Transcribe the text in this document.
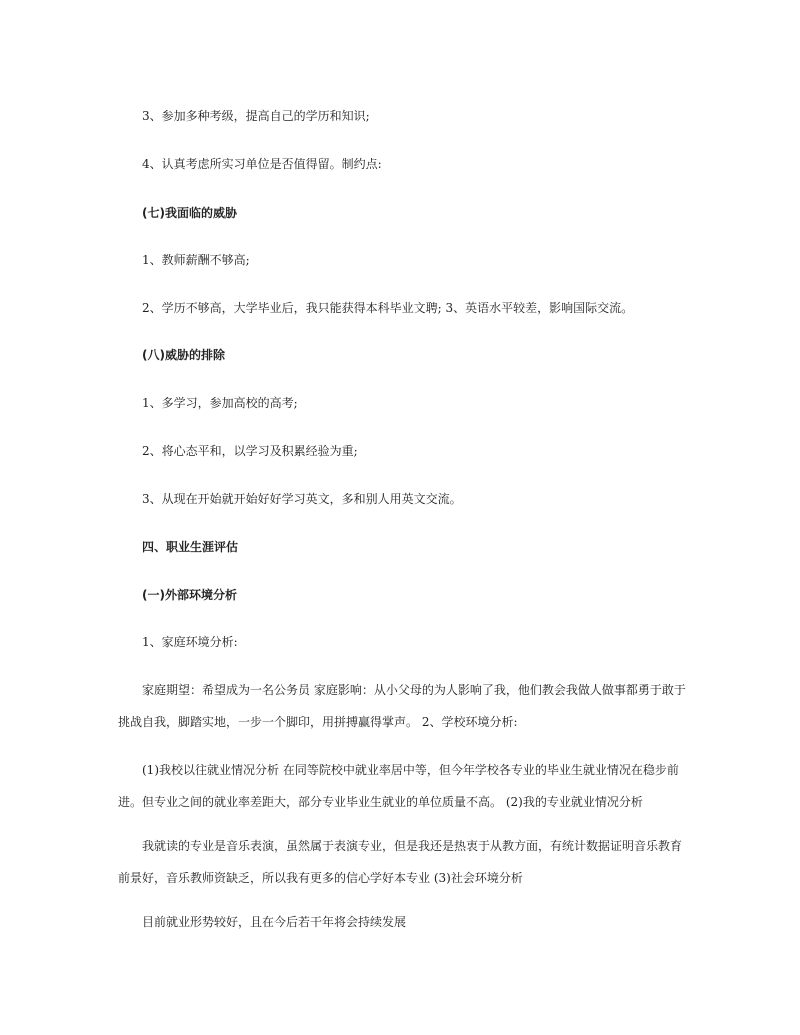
3、参加多种考级，提高自己的学历和知识;
4、认真考虑所实习单位是否值得留。制约点:
(七)我面临的威胁
1、教师薪酬不够高;
2、学历不够高，大学毕业后，我只能获得本科毕业文聘; 3、英语水平较差，影响国际交流。
(八)威胁的排除
1、多学习，参加高校的高考;
2、将心态平和，以学习及积累经验为重;
3、从现在开始就开始好好学习英文，多和别人用英文交流。
四、职业生涯评估
(一)外部环境分析
1、家庭环境分析:
家庭期望：希望成为一名公务员 家庭影响：从小父母的为人影响了我，他们教会我做人做事都勇于敢于挑战自我，脚踏实地，一步一个脚印，用拼搏赢得掌声。 2、学校环境分析:
(1)我校以往就业情况分析 在同等院校中就业率居中等，但今年学校各专业的毕业生就业情况在稳步前进。但专业之间的就业率差距大，部分专业毕业生就业的单位质量不高。 (2)我的专业就业情况分析
我就读的专业是音乐表演，虽然属于表演专业，但是我还是热衷于从教方面，有统计数据证明音乐教育前景好，音乐教师资缺乏，所以我有更多的信心学好本专业 (3)社会环境分析
目前就业形势较好，且在今后若干年将会持续发展
